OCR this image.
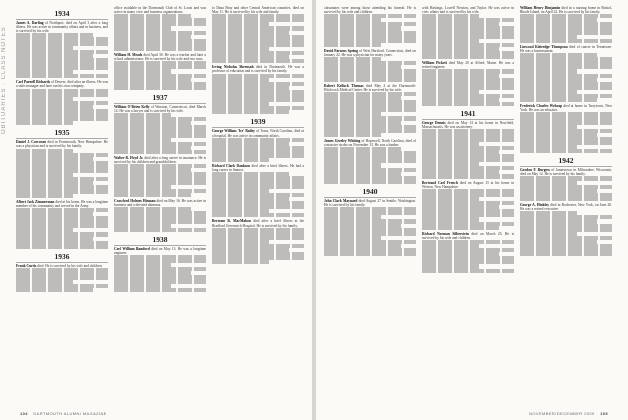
OBITUARIES · CLASS NOTES
1934
James A. Darling of Northport, died on April 3 after a long illness. He was active in community affairs and in business, and is survived by his wife.
Carl Parnell Richards of Denver, died after an illness. He was a sales manager and later ran his own company.
1935
Daniel J. Corcoran died in Portsmouth, New Hampshire. He was a physician and is survived by his family.
Albert Jack Zimmerman died at his home. He was a longtime member of his community and served in the Army.
1936
Frank Curtis died. He is survived by his wife and children.
office available in the Dartmouth Club of St. Louis and was active in many civic and business organizations.
William H. Meads died April 30. He was a teacher and later a school administrator. He is survived by his wife and two sons.
1937
William O'Brien Kelly of Winston, Connecticut, died March 14. He was a lawyer and is survived by his wife.
Walter R. Heyd Jr. died after a long career in insurance. He is survived by his children and grandchildren.
Crawford Holmes Hinman died on May 16. He was active in business and a devoted alumnus.
1938
Carl William Bamford died on May 13. He was a longtime engineer.
to Dana Bray and other Central American countries, died on May 11. He is survived by his wife and family.
Irving Nicholas Shrensah died in Dartmouth. He was a professor of education and is survived by his family.
1939
George William 'Ice' Bailey of Toms, North Carolina, died at a hospital. He was active in community affairs.
Richard Clark Dankson died after a brief illness. He had a long career in finance.
Bertram R. MacMahon died after a brief illness at the Bradford Greenwich Hospital. He is survived by his family.
104 DARTMOUTH ALUMNI MAGAZINE
classmates were among those attending his funeral. He is survived by his wife and children.
David Parsons Spring of West Hartford, Connecticut, died on January 22. He was a physician for many years.
Robert Kellock Thomas died May 4 at the Dartmouth-Hitchcock Medical Center. He is survived by his wife.
James Greeley Whiting of Hopewell, North Carolina, died of a massive stroke on November 13. He was a banker.
1940
John Clark Maynard died August 27 in Seattle, Washington. He is survived by his family.
with Hastings, Lowell Newton, and Taylor. He was active in civic affairs and is survived by his wife.
William Pickett died May 20 at Alfred, Maine. He was a retired engineer.
1941
George Dennis died on May 14 at his home in Newfield, Massachusetts. He was an attorney.
Bertrand Carl French died on August 15 at his home in Weston, New Hampshire.
Richard Norman Silberstein died on March 25. He is survived by his wife and children.
William Henry Dimjamin died in a nursing home in Bristol, Rhode Island, on April 22. He is survived by his family.
Linwood Kittredge Thompson died of cancer in Tennessee. He was a businessman.
Frederick Charles Wehrap died at home in Tarrytown, New York. He was an educator.
1942
Gordon F. Burgess of Jamestown in Milwaukee, Wisconsin, died on May 12. He is survived by his family.
George A. Hinkley died in Rochester, New York, on June 20. He was a retired executive.
NOVEMBER/DECEMBER 2000 105
